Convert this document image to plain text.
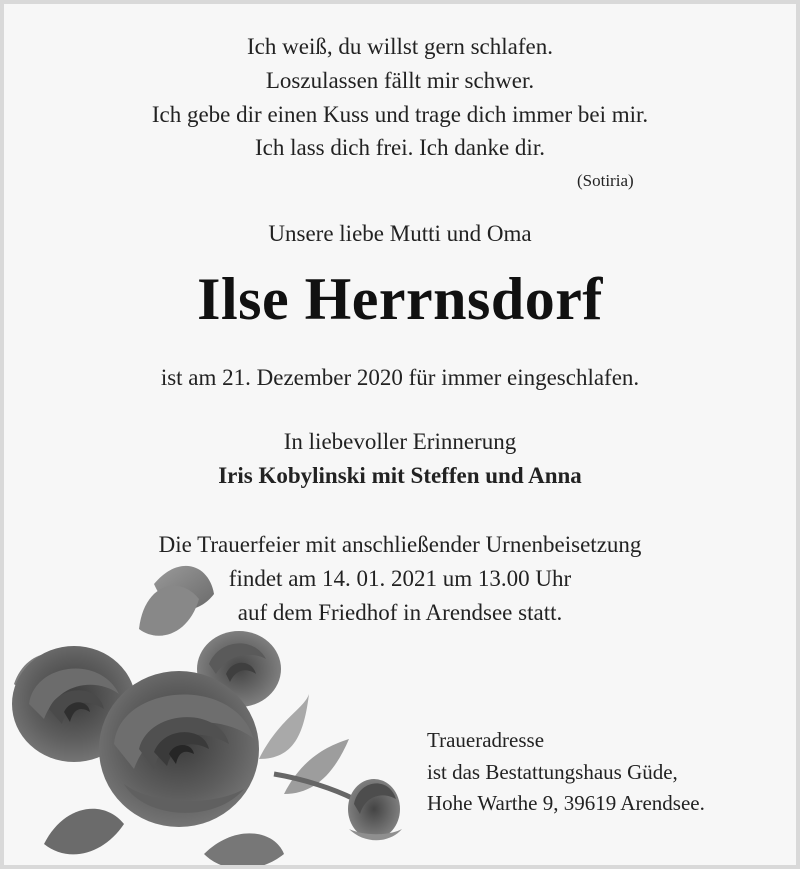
Ich weiß, du willst gern schlafen.
Loszulassen fällt mir schwer.
Ich gebe dir einen Kuss und trage dich immer bei mir.
Ich lass dich frei. Ich danke dir.
(Sotiria)
Unsere liebe Mutti und Oma
Ilse Herrnsdorf
ist am 21. Dezember 2020 für immer eingeschlafen.
In liebevoller Erinnerung
Iris Kobylinski mit Steffen und Anna
Die Trauerfeier mit anschließender Urnenbeisetzung
findet am 14. 01. 2021 um 13.00 Uhr
auf dem Friedhof in Arendsee statt.
Traueradresse
ist das Bestattungshaus Güde,
Hohe Warthe 9, 39619 Arendsee.
